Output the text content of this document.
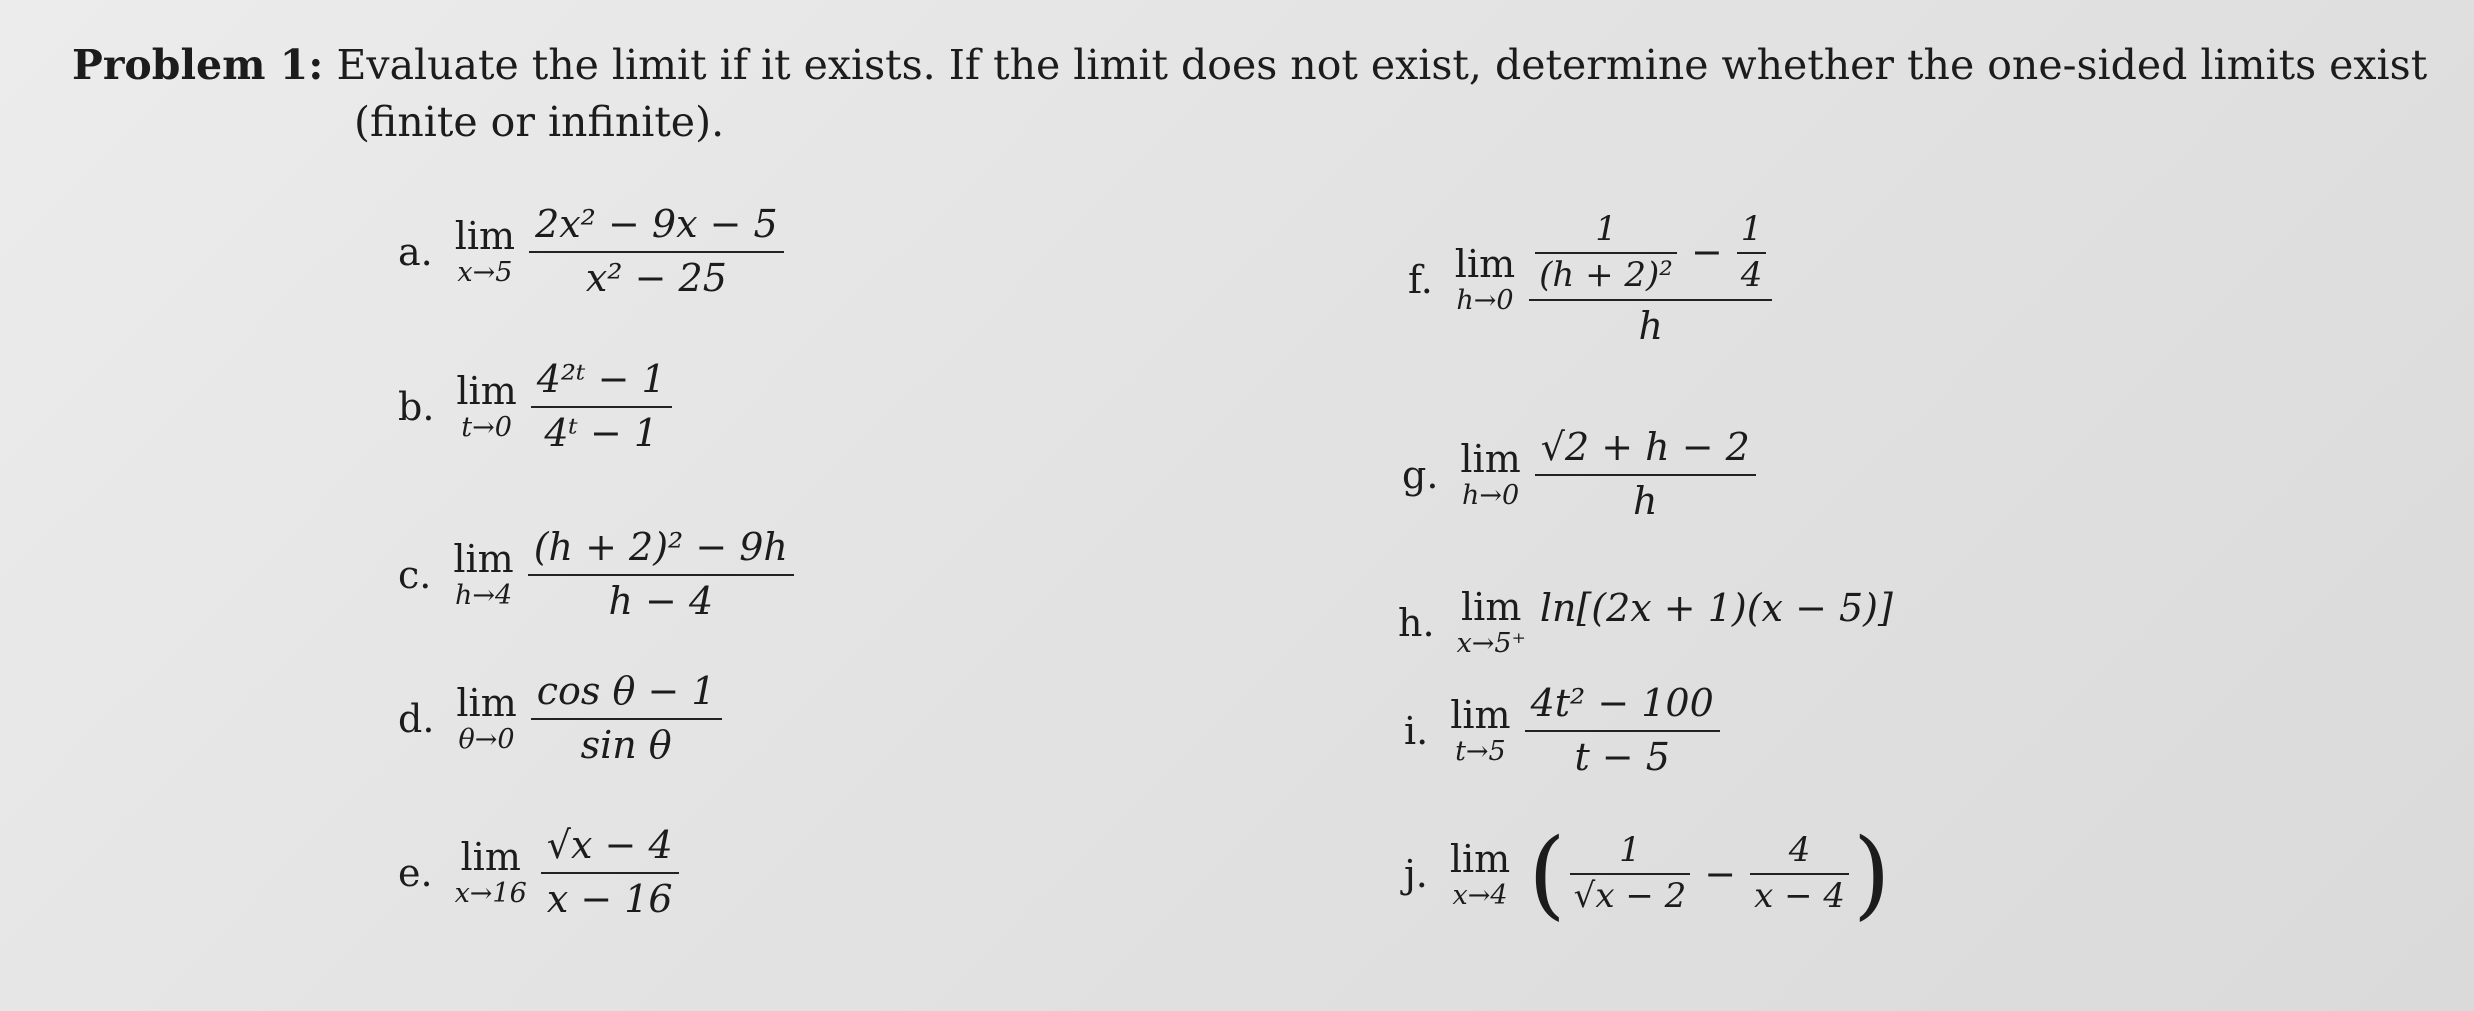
Problem 1: Evaluate the limit if it exists. If the limit does not exist, determine whether the one-sided limits exist
(finite or infinite).
a. lim
$x\to 5 \frac{\text{2x² − 9x − 5}}{\text{x² − 25}}$
b. lim
$t\to 0 \frac{\text{4²ᵗ − 1}}{\text{4ᵗ − 1}}$
c. lim
$h\to 4 \frac{\text{(h + 2)² − 9h}}{h - 4}$
d. lim
$\theta\to 0 \frac{\text{cos θ − 1}}{\text{sin θ}}$
e. lim
$x\to 16 \frac{√x - 4}{x - 16}$
f. lim
h→0
$\frac{1}{\text{(h + 2)²}} - \frac{1}{4}$
h
g. lim
$h\to 0 \frac{√2 + h - 2}{h}$
h. lim
x→5⁺
ln[(2x + 1)(x − 5)]
i. lim
$t\to 5 \frac{\text{4t² − 100}}{t - 5}$
j. lim
x→4 ( $\frac{1}{√x - 2} - \frac{4}{x - 4}$ )
